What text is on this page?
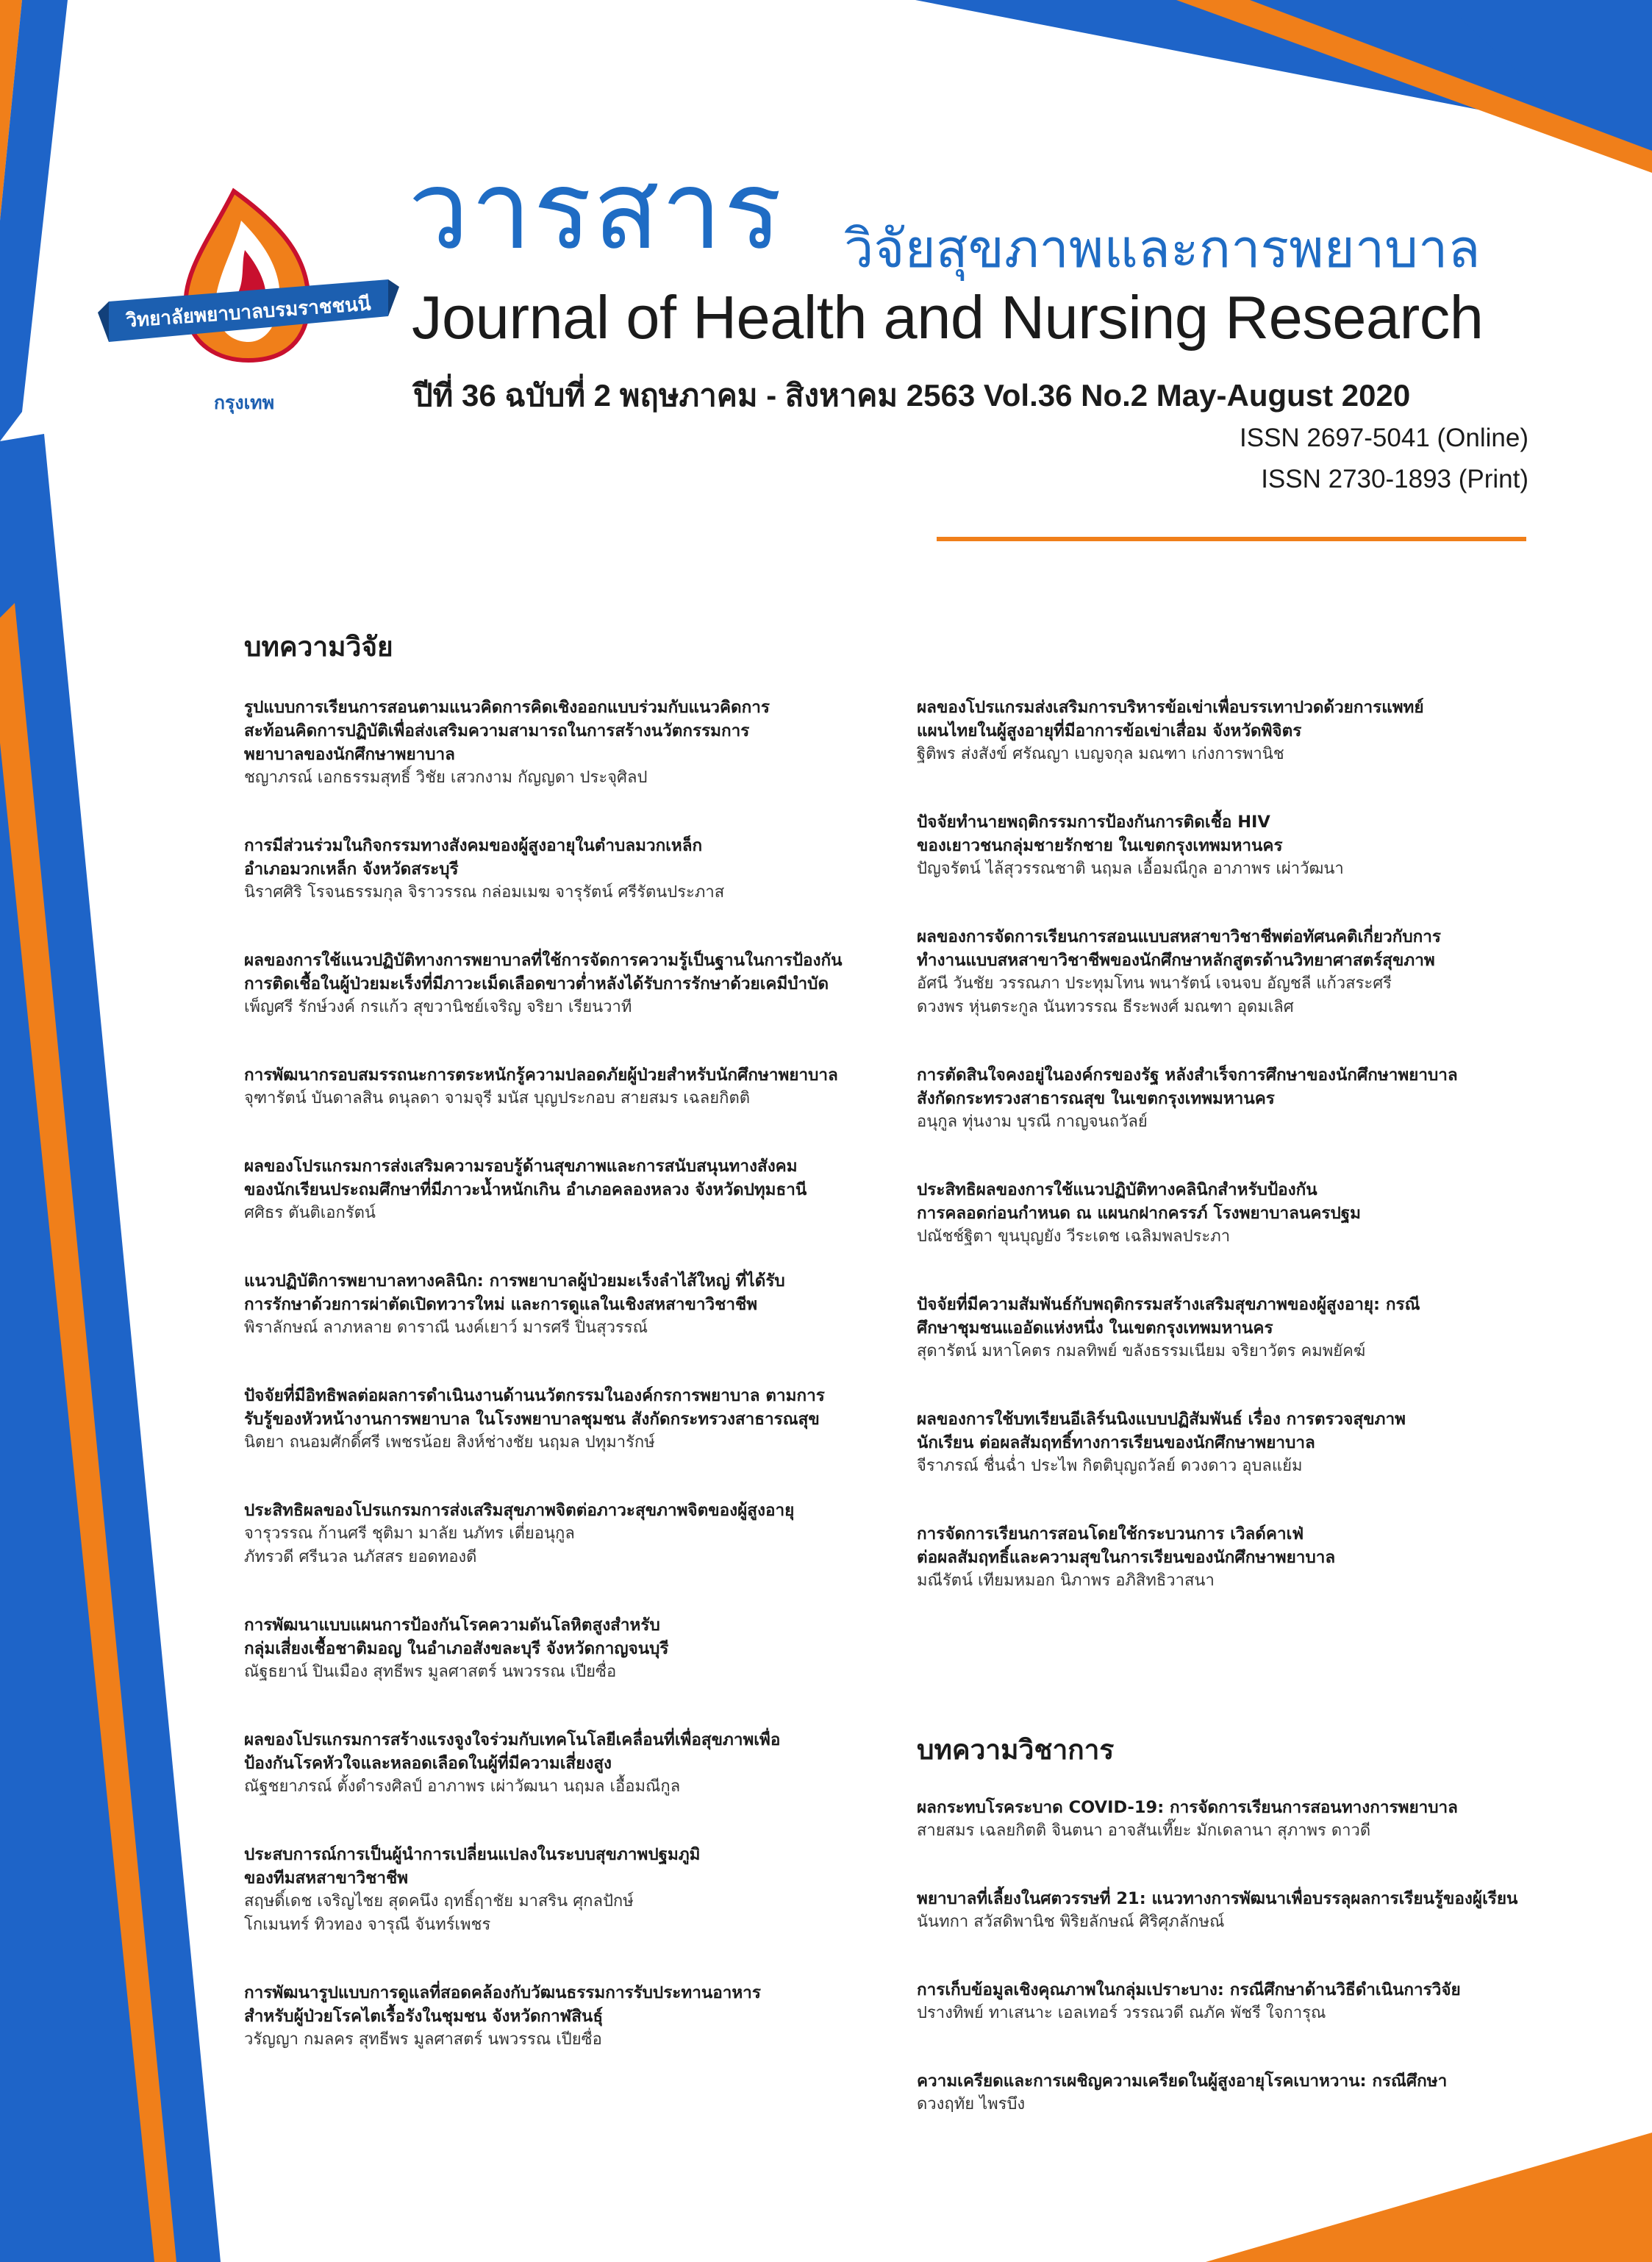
วิทยาลัยพยาบาลบรมราชชนนี
กรุงเทพ
วารสาร วิจัยสุขภาพและการพยาบาล
Journal of Health and Nursing Research
ปีที่ 36 ฉบับที่ 2 พฤษภาคม - สิงหาคม 2563 Vol.36 No.2 May-August 2020
ISSN 2697-5041 (Online)
ISSN 2730-1893 (Print)
บทความวิจัย
บทความวิชาการ
รูปแบบการเรียนการสอนตามแนวคิดการคิดเชิงออกแบบร่วมกับแนวคิดการ
สะท้อนคิดการปฏิบัติเพื่อส่งเสริมความสามารถในการสร้างนวัตกรรมการ
พยาบาลของนักศึกษาพยาบาล
ชญาภรณ์ เอกธรรมสุทธิ์ วิชัย เสวกงาม กัญญดา ประจุศิลป
การมีส่วนร่วมในกิจกรรมทางสังคมของผู้สูงอายุในตำบลมวกเหล็ก
อำเภอมวกเหล็ก จังหวัดสระบุรี
นิราศศิริ โรจนธรรมกุล จิราวรรณ กล่อมเมฆ จารุรัตน์ ศรีรัตนประภาส
ผลของการใช้แนวปฏิบัติทางการพยาบาลที่ใช้การจัดการความรู้เป็นฐานในการป้องกัน
การติดเชื้อในผู้ป่วยมะเร็งที่มีภาวะเม็ดเลือดขาวต่ำหลังได้รับการรักษาด้วยเคมีบำบัด
เพ็ญศรี รักษ์วงค์ กรแก้ว สุขวานิชย์เจริญ จริยา เรียนวาที
การพัฒนากรอบสมรรถนะการตระหนักรู้ความปลอดภัยผู้ป่วยสำหรับนักศึกษาพยาบาล
จุฑารัตน์ บันดาลสิน ดนุลดา จามจุรี มนัส บุญประกอบ สายสมร เฉลยกิตติ
ผลของโปรแกรมการส่งเสริมความรอบรู้ด้านสุขภาพและการสนับสนุนทางสังคม
ของนักเรียนประถมศึกษาที่มีภาวะน้ำหนักเกิน อำเภอคลองหลวง จังหวัดปทุมธานี
ศศิธร ตันติเอกรัตน์
แนวปฏิบัติการพยาบาลทางคลินิก: การพยาบาลผู้ป่วยมะเร็งลำไส้ใหญ่ ที่ได้รับ
การรักษาด้วยการผ่าตัดเปิดทวารใหม่ และการดูแลในเชิงสหสาขาวิชาชีพ
พิราลักษณ์ ลาภหลาย ดาราณี นงค์เยาว์ มารศรี ปิ่นสุวรรณ์
ปัจจัยที่มีอิทธิพลต่อผลการดำเนินงานด้านนวัตกรรมในองค์กรการพยาบาล ตามการ
รับรู้ของหัวหน้างานการพยาบาล ในโรงพยาบาลชุมชน สังกัดกระทรวงสาธารณสุข
นิตยา ถนอมศักดิ์ศรี เพชรน้อย สิงห์ช่างชัย นฤมล ปทุมารักษ์
ประสิทธิผลของโปรแกรมการส่งเสริมสุขภาพจิตต่อภาวะสุขภาพจิตของผู้สูงอายุ
จารุวรรณ ก้านศรี ชุติมา มาลัย นภัทร เตี่ยอนุกูล
ภัทรวดี ศรีนวล นภัสสร ยอดทองดี
การพัฒนาแบบแผนการป้องกันโรคความดันโลหิตสูงสำหรับ
กลุ่มเสี่ยงเชื้อชาติมอญ ในอำเภอสังขละบุรี จังหวัดกาญจนบุรี
ณัฐธยาน์ ปินเมือง สุทธีพร มูลศาสตร์ นพวรรณ เปียซื่อ
ผลของโปรแกรมการสร้างแรงจูงใจร่วมกับเทคโนโลยีเคลื่อนที่เพื่อสุขภาพเพื่อ
ป้องกันโรคหัวใจและหลอดเลือดในผู้ที่มีความเสี่ยงสูง
ณัฐชยาภรณ์ ตั้งดำรงศิลป์ อาภาพร เผ่าวัฒนา นฤมล เอื้อมณีกูล
ประสบการณ์การเป็นผู้นำการเปลี่ยนแปลงในระบบสุขภาพปฐมภูมิ
ของทีมสหสาขาวิชาชีพ
สฤษดิ์เดช เจริญไชย สุดคนึง ฤทธิ์ฤาชัย มาสริน ศุกลปักษ์
โกเมนทร์ ทิวทอง จารุณี จันทร์เพชร
การพัฒนารูปแบบการดูแลที่สอดคล้องกับวัฒนธรรมการรับประทานอาหาร
สำหรับผู้ป่วยโรคไตเรื้อรังในชุมชน จังหวัดกาฬสินธุ์
วรัญญา กมลคร สุทธีพร มูลศาสตร์ นพวรรณ เปียซื่อ
ผลของโปรแกรมส่งเสริมการบริหารข้อเข่าเพื่อบรรเทาปวดด้วยการแพทย์
แผนไทยในผู้สูงอายุที่มีอาการข้อเข่าเสื่อม จังหวัดพิจิตร
ฐิติพร ส่งสังข์ ศรัณญา เบญจกุล มณฑา เก่งการพานิช
ปัจจัยทำนายพฤติกรรมการป้องกันการติดเชื้อ HIV
ของเยาวชนกลุ่มชายรักชาย ในเขตกรุงเทพมหานคร
ปัญจรัตน์ ไล้สุวรรณชาติ นฤมล เอื้อมณีกูล อาภาพร เผ่าวัฒนา
ผลของการจัดการเรียนการสอนแบบสหสาขาวิชาชีพต่อทัศนคติเกี่ยวกับการ
ทำงานแบบสหสาขาวิชาชีพของนักศึกษาหลักสูตรด้านวิทยาศาสตร์สุขภาพ
อัศนี วันชัย วรรณภา ประทุมโทน พนารัตน์ เจนจบ อัญชลี แก้วสระศรี
ดวงพร หุ่นตระกูล นันทวรรณ ธีระพงศ์ มณฑา อุดมเลิศ
การตัดสินใจคงอยู่ในองค์กรของรัฐ หลังสำเร็จการศึกษาของนักศึกษาพยาบาล
สังกัดกระทรวงสาธารณสุข ในเขตกรุงเทพมหานคร
อนุกูล ทุ่นงาม บุรณี กาญจนถวัลย์
ประสิทธิผลของการใช้แนวปฏิบัติทางคลินิกสำหรับป้องกัน
การคลอดก่อนกำหนด ณ แผนกฝากครรภ์ โรงพยาบาลนครปฐม
ปณัชช์ฐิตา ขุนบุญยัง วีระเดช เฉลิมพลประภา
ปัจจัยที่มีความสัมพันธ์กับพฤติกรรมสร้างเสริมสุขภาพของผู้สูงอายุ: กรณี
ศึกษาชุมชนแออัดแห่งหนึ่ง ในเขตกรุงเทพมหานคร
สุดารัตน์ มหาโคตร กมลทิพย์ ขลังธรรมเนียม จริยาวัตร คมพยัคฆ์
ผลของการใช้บทเรียนอีเลิร์นนิงแบบปฏิสัมพันธ์ เรื่อง การตรวจสุขภาพ
นักเรียน ต่อผลสัมฤทธิ์ทางการเรียนของนักศึกษาพยาบาล
จีราภรณ์ ชื่นฉ่ำ ประไพ กิตติบุญถวัลย์ ดวงดาว อุบลแย้ม
การจัดการเรียนการสอนโดยใช้กระบวนการ เวิลด์คาเฟ่
ต่อผลสัมฤทธิ์และความสุขในการเรียนของนักศึกษาพยาบาล
มณีรัตน์ เทียมหมอก นิภาพร อภิสิทธิวาสนา
ผลกระทบโรคระบาด COVID-19: การจัดการเรียนการสอนทางการพยาบาล
สายสมร เฉลยกิตติ จินตนา อาจสันเที๊ยะ มักเดลานา สุภาพร ดาวดี
พยาบาลที่เลี้ยงในศตวรรษที่ 21: แนวทางการพัฒนาเพื่อบรรลุผลการเรียนรู้ของผู้เรียน
นันทกา สวัสดิพานิช พิริยลักษณ์ ศิริศุภลักษณ์
การเก็บข้อมูลเชิงคุณภาพในกลุ่มเปราะบาง: กรณีศึกษาด้านวิธีดำเนินการวิจัย
ปรางทิพย์ ทาเสนาะ เอลเทอร์ วรรณวดี ณภัค พัชรี ใจการุณ
ความเครียดและการเผชิญความเครียดในผู้สูงอายุโรคเบาหวาน: กรณีศึกษา
ดวงฤทัย ไพรบึง
